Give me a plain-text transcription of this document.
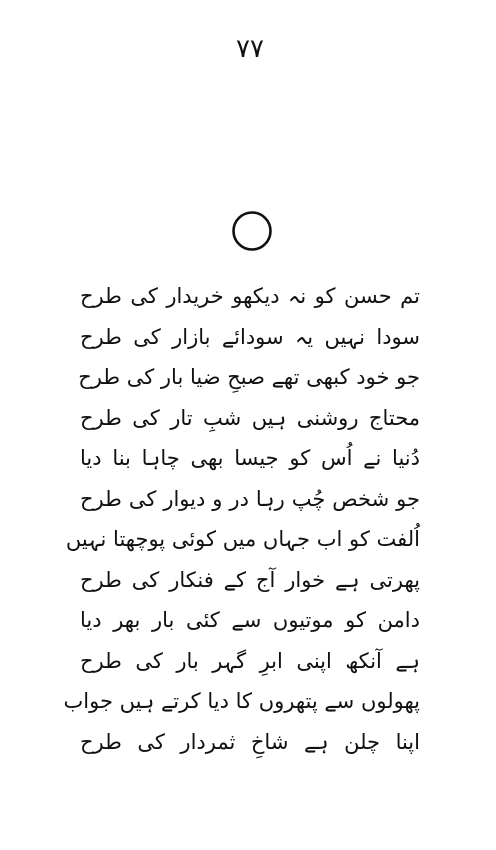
۷۷
تم حسن کو نہ دیکھو خریدار کی طرح
سودا نہیں یہ سودائے بازار کی طرح
جو خود کبھی تھے صبحِ ضیا بار کی طرح
محتاج روشنی ہیں شبِ تار کی طرح
دُنیا نے اُس کو جیسا بھی چاہا بنا دیا
جو شخص چُپ رہا در و دیوار کی طرح
اُلفت کو اب جہاں میں کوئی پوچھتا نہیں
پھرتی ہے خوار آج کے فنکار کی طرح
دامن کو موتیوں سے کئی بار بھر دیا
ہے آنکھ اپنی ابرِ گہر بار کی طرح
پھولوں سے پتھروں کا دیا کرتے ہیں جواب
اپنا چلن ہے شاخِ ثمردار کی طرح
